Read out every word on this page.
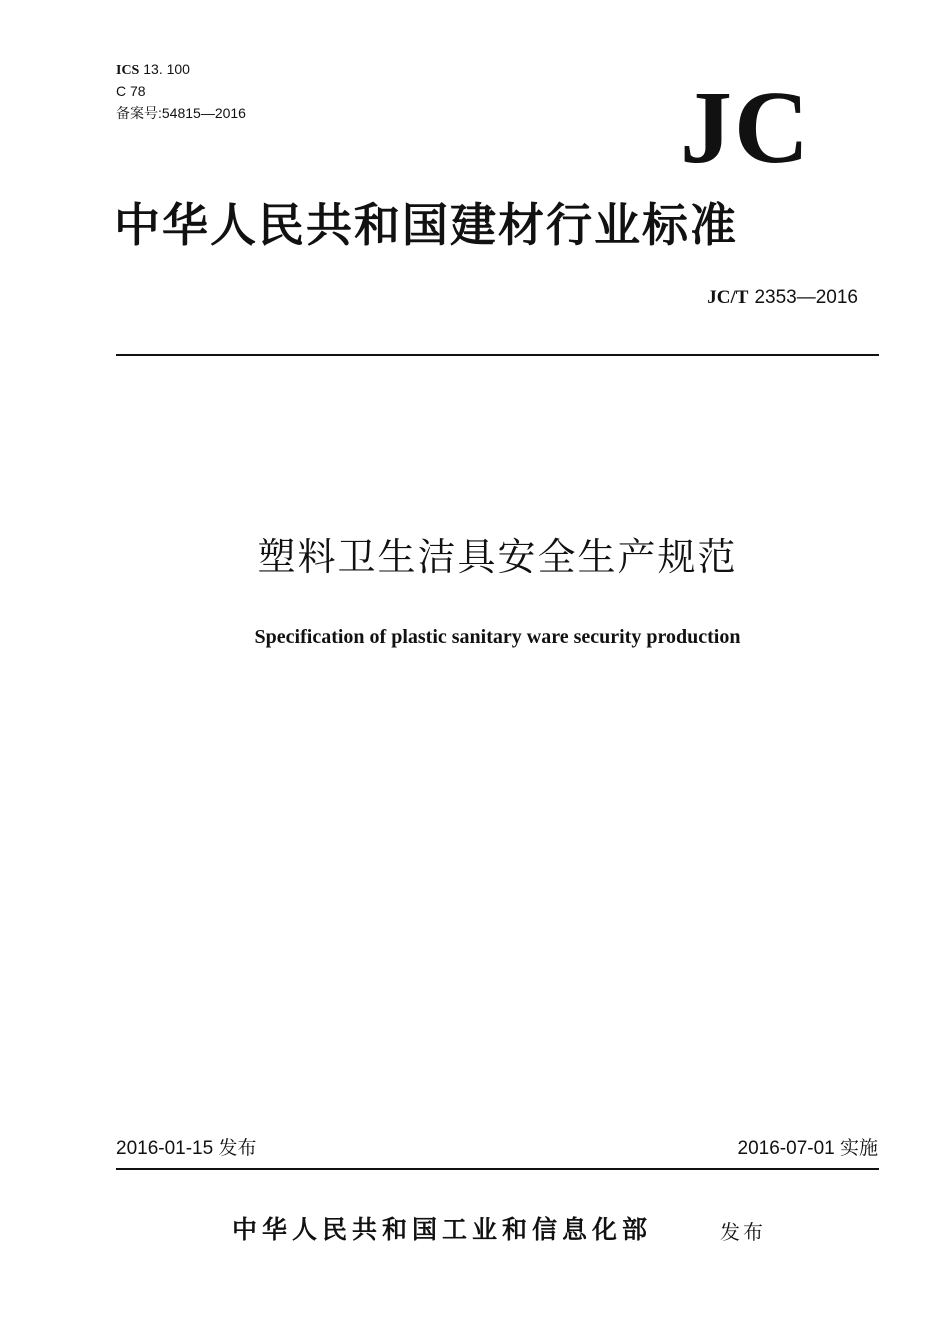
ICS 13. 100
C 78
备案号:54815—2016	JC
中华人民共和国建材行业标准
JC/T 2353—2016
塑料卫生洁具安全生产规范
Specification of plastic sanitary ware security production
2016-01-15 发布	2016-07-01 实施
中华人民共和国工业和信息化部	发布
